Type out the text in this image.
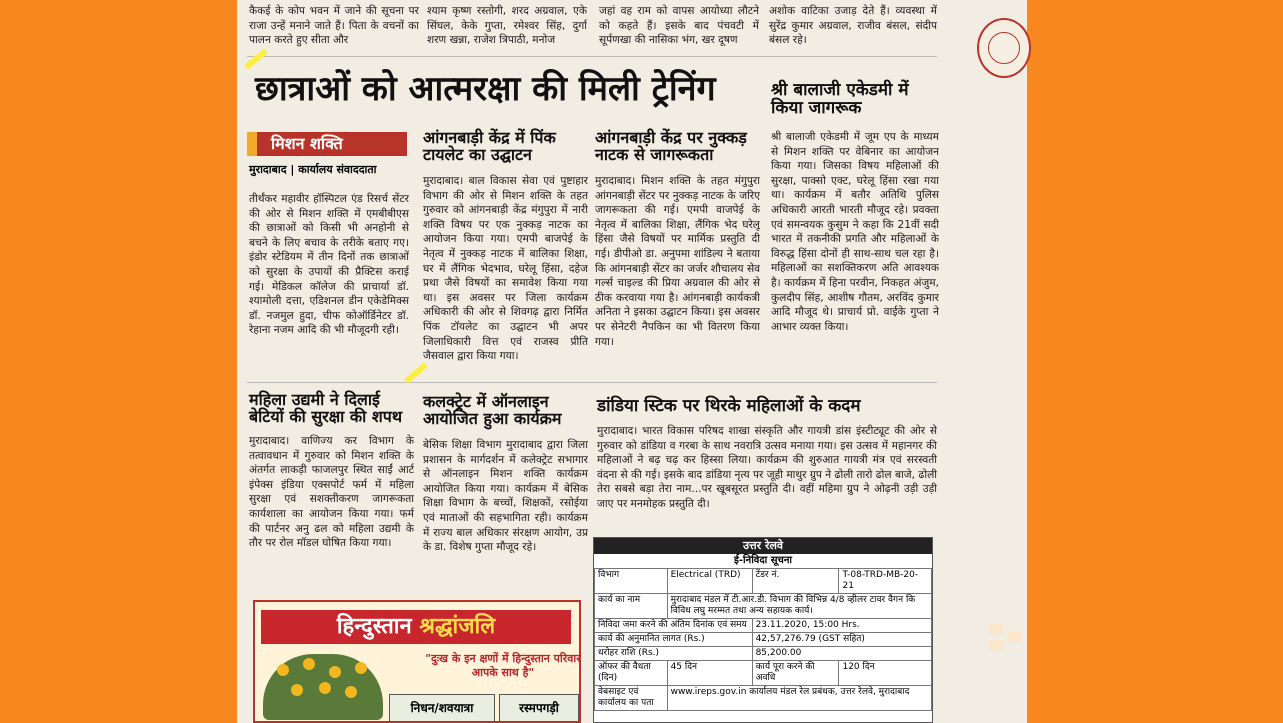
कैकई के कोप भवन में जाने की सूचना पर राजा उन्हें मनाने जाते हैं। पिता के वचनों का पालन करते हुए सीता और
श्याम कृष्ण रस्तोगी, शरद अग्रवाल, एके सिंघल, केके गुप्ता, रमेश्वर सिंह, दुर्गा शरण खन्ना, राजेश त्रिपाठी, मनोज
जहां वह राम को वापस आयोध्या लौटने को कहते हैं। इसके बाद पंचवटी में सूर्पणखा की नासिका भंग, खर दूषण
अशोक वाटिका उजाड़ देते हैं। व्यवस्था में सुरेंद्र कुमार अग्रवाल, राजीव बंसल, संदीप बंसल रहे।
छात्राओं को आत्मरक्षा की मिली ट्रेनिंग
मिशन शक्ति
मुरादाबाद | कार्यालय संवाददाता
तीर्थंकर महावीर हॉस्पिटल एंड रिसर्च सेंटर की ओर से मिशन शक्ति में एमबीबीएस की छात्राओं को किसी भी अनहोनी से बचने के लिए बचाव के तरीके बताए गए। इंडोर स्टेडियम में तीन दिनों तक छात्राओं को सुरक्षा के उपायों की प्रैक्टिस कराई गई। मेडिकल कॉलेज की प्राचार्या डॉ. श्यामोली दत्ता, एडिशनल डीन एकेडेमिक्स डॉ. नजमुल हुदा, चीफ कोऑर्डिनेटर डॉ. रेहाना नजम आदि की भी मौजूदगी रही।
आंगनबाड़ी केंद्र में पिंक टायलेट का उद्घाटन
मुरादाबाद। बाल विकास सेवा एवं पुष्टाहार विभाग की ओर से मिशन शक्ति के तहत गुरुवार को आंगनबाड़ी केंद्र मंगुपुरा में नारी शक्ति विषय पर एक नुक्कड़ नाटक का आयोजन किया गया। एमपी बाजपेई के नेतृत्व में नुक्कड़ नाटक में बालिका शिक्षा, घर में लैंगिक भेदभाव, घरेलू हिंसा, दहेज प्रथा जैसे विषयों का समावेश किया गया था। इस अवसर पर जिला कार्यक्रम अधिकारी की ओर से शिवगढ़ द्वारा निर्मित पिंक टॉयलेट का उद्घाटन भी अपर जिलाधिकारी वित्त एवं राजस्व प्रीति जैसवाल द्वारा किया गया।
आंगनबाड़ी केंद्र पर नुक्कड़ नाटक से जागरूकता
मुरादाबाद। मिशन शक्ति के तहत मंगुपुरा आंगनबाड़ी सेंटर पर नुक्कड़ नाटक के जरिए जागरूकता की गई। एमपी वाजपेई के नेतृत्व में बालिका शिक्षा, लैंगिक भेद घरेलू हिंसा जैसे विषयों पर मार्मिक प्रस्तुति दी गई। डीपीओ डा. अनुपमा शांडिल्य ने बताया कि आंगनबाड़ी सेंटर का जर्जर शौचालय सेव गर्ल्स चाइल्ड की प्रिया अग्रवाल की ओर से ठीक करवाया गया है। आंगनबाड़ी कार्यकत्री अनिता ने इसका उद्घाटन किया। इस अवसर पर सेनेटरी नैपकिन का भी वितरण किया गया।
श्री बालाजी एकेडमी में किया जागरूक
श्री बालाजी एकेडमी में जूम एप के माध्यम से मिशन शक्ति पर वेबिनार का आयोजन किया गया। जिसका विषय महिलाओं की सुरक्षा, पाक्सो एक्ट, घरेलू हिंसा रखा गया था। कार्यक्रम में बतौर अतिथि पुलिस अधिकारी आरती भारती मौजूद रहे। प्रवक्ता एवं समन्वयक कुसुम ने कहा कि 21वीं सदी भारत में तकनीकी प्रगति और महिलाओं के विरुद्ध हिंसा दोनों ही साथ-साथ चल रहा है। महिलाओं का सशक्तिकरण अति आवश्यक है। कार्यक्रम में हिना परवीन, निकहत अंजुम, कुलदीप सिंह, आशीष गौतम, अरविंद कुमार आदि मौजूद थे। प्राचार्य प्रो. वाईके गुप्ता ने आभार व्यक्त किया।
महिला उद्यमी ने दिलाई बेटियों की सुरक्षा की शपथ
मुरादाबाद। वाणिज्य कर विभाग के तत्वावधान में गुरुवार को मिशन शक्ति के अंतर्गत लाकड़ी फाजलपुर स्थित साईं आर्ट इंपेक्स इंडिया एक्सपोर्ट फर्म में महिला सुरक्षा एवं सशक्तीकरण जागरूकता कार्यशाला का आयोजन किया गया। फर्म की पार्टनर अनु ढल को महिला उद्यमी के तौर पर रोल मॉडल घोषित किया गया।
कलक्ट्रेट में ऑनलाइन आयोजित हुआ कार्यक्रम
बेसिक शिक्षा विभाग मुरादाबाद द्वारा जिला प्रशासन के मार्गदर्शन में कलेक्ट्रेट सभागार से ऑनलाइन मिशन शक्ति कार्यक्रम आयोजित किया गया। कार्यक्रम में बेसिक शिक्षा विभाग के बच्चों, शिक्षकों, रसोईया एवं माताओं की सहभागिता रही। कार्यक्रम में राज्य बाल अधिकार संरक्षण आयोग, उप्र के डा. विशेष गुप्ता मौजूद रहे।
डांडिया स्टिक पर थिरके महिलाओं के कदम
मुरादाबाद। भारत विकास परिषद शाखा संस्कृति और गायत्री डांस इंस्टीट्यूट की ओर से गुरुवार को डांडिया व गरबा के साथ नवरात्रि उत्सव मनाया गया। इस उत्सव में महानगर की महिलाओं ने बढ़ चढ़ कर हिस्सा लिया। कार्यक्रम की शुरुआत गायत्री मंत्र एवं सरस्वती वंदना से की गई। इसके बाद डांडिया नृत्य पर जूही माथुर ग्रुप ने ढोली तारो ढोल बाजे, ढोली तेरा सबसे बड़ा तेरा नाम...पर खूबसूरत प्रस्तुति दी। वहीं महिमा ग्रुप ने ओढ़नी उड़ी उड़ी जाए पर मनमोहक प्रस्तुति दी।
हिन्दुस्तान श्रद्धांजलि
"दुःख के इन क्षणों में हिन्दुस्तान परिवार आपके साथ है"
निधन/शवयात्रा	रस्मपगड़ी
उत्तर रेलवे
ई-निविदा सूचना
विभाग	Electrical (TRD)	टेंडर नं.	T-08-TRD-MB-20-21
कार्य का नाम	मुरादाबाद मंडल में टी.आर.डी. विभाग की विभिन्न 4/8 व्हीलर टावर वैगन कि विविध लघु मरम्मत तथा अन्य सहायक कार्य।		
निविदा जमा करने की अंतिम दिनांक एवं समय		23.11.2020, 15:00 Hrs.	
कार्य की अनुमानित लागत (Rs.)		42,57,276.79 (GST सहित)	
धरोहर राशि (Rs.)		85,200.00	
ऑफर की वैधता (दिन)	45 दिन	कार्य पूरा करने की अवधि	120 दिन
वेबसाइट एवं कार्यालय का पता	www.ireps.gov.in कार्यालय मंडल रेल प्रबंधक, उत्तर रेलवे, मुरादाबाद		
